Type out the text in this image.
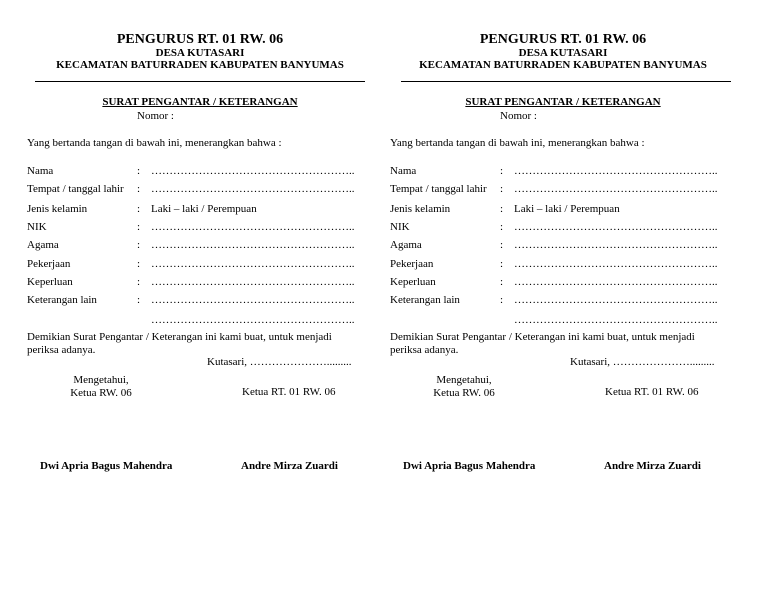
PENGURUS RT. 01 RW. 06
DESA KUTASARI
KECAMATAN BATURRADEN KABUPATEN BANYUMAS
SURAT PENGANTAR / KETERANGAN
Nomor :
Yang bertanda tangan di bawah ini, menerangkan bahwa :
Nama	: ………………………………………………..
Tempat / tanggal lahir : ………………………………………………..
Jenis kelamin	: Laki – laki / Perempuan
NIK	: ………………………………………………..
Agama	: ………………………………………………..
Pekerjaan	: ………………………………………………..
Keperluan	: ………………………………………………..
Keterangan lain	: ………………………………………………..
………………………………………………..
Demikian Surat Pengantar / Keterangan ini kami buat, untuk menjadi periksa adanya.
Kutasari, ………………….........
Mengetahui,
Ketua RW. 06	Ketua RT. 01 RW. 06
Dwi Apria Bagus Mahendra	Andre Mirza Zuardi
PENGURUS RT. 01 RW. 06
DESA KUTASARI
KECAMATAN BATURRADEN KABUPATEN BANYUMAS
SURAT PENGANTAR / KETERANGAN
Nomor :
Yang bertanda tangan di bawah ini, menerangkan bahwa :
Nama	: ………………………………………………..
Tempat / tanggal lahir : ………………………………………………..
Jenis kelamin	: Laki – laki / Perempuan
NIK	: ………………………………………………..
Agama	: ………………………………………………..
Pekerjaan	: ………………………………………………..
Keperluan	: ………………………………………………..
Keterangan lain	: ………………………………………………..
………………………………………………..
Demikian Surat Pengantar / Keterangan ini kami buat, untuk menjadi periksa adanya.
Kutasari, ………………….........
Mengetahui,
Ketua RW. 06	Ketua RT. 01 RW. 06
Dwi Apria Bagus Mahendra	Andre Mirza Zuardi
